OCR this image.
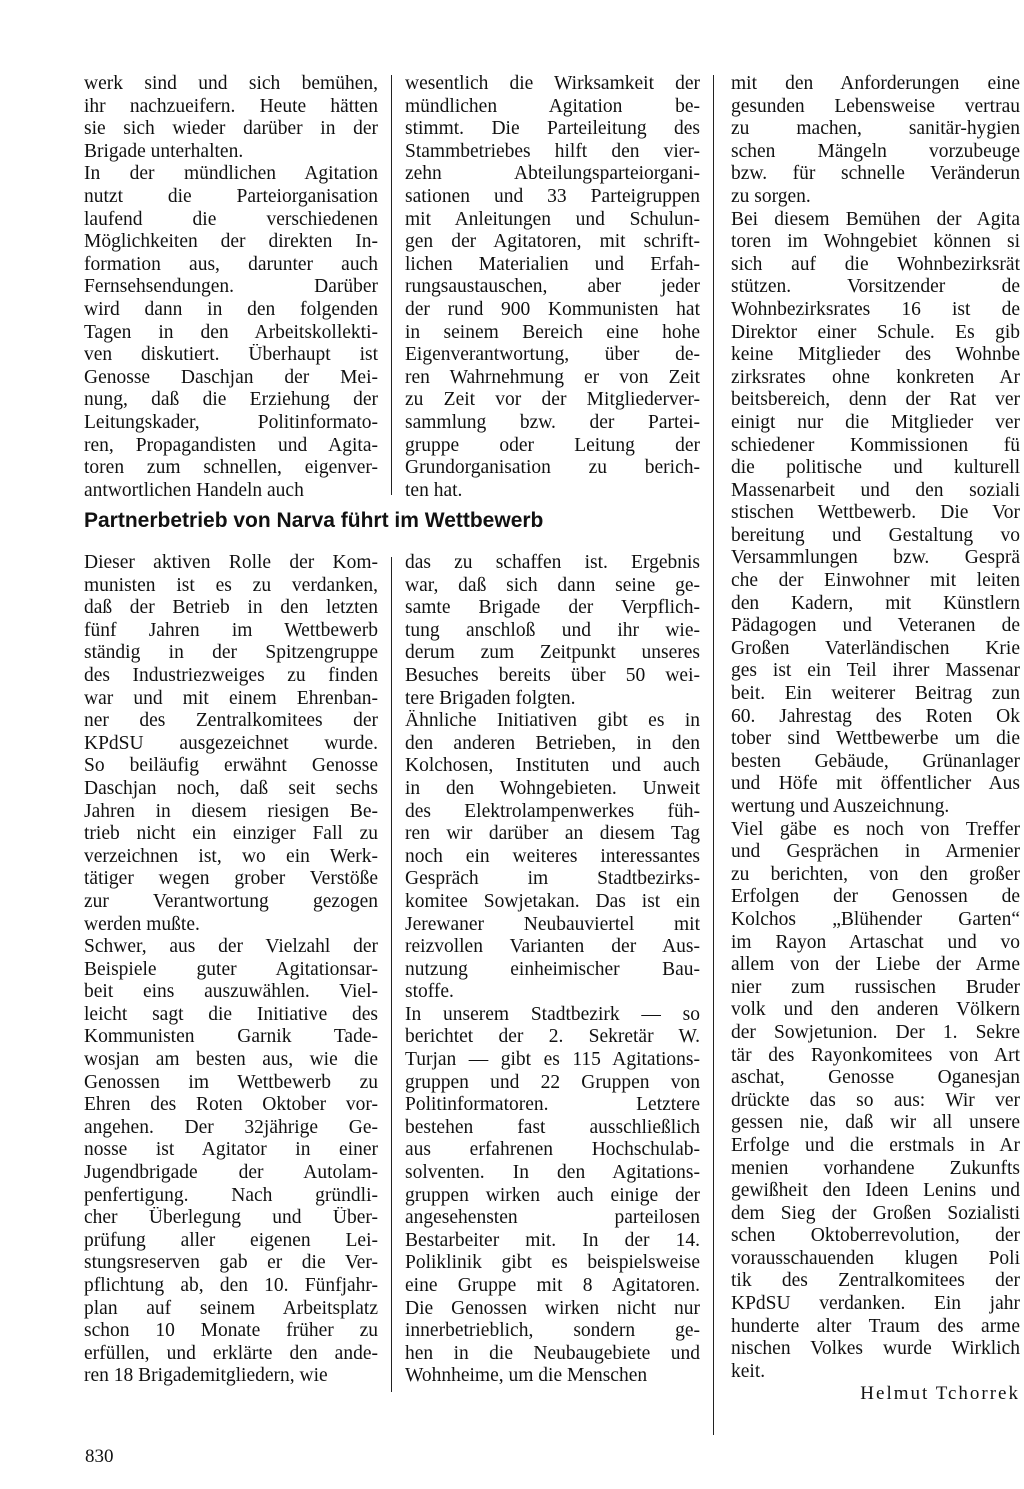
werk sind und sich bemühen,
ihr nachzueifern. Heute hätten
sie sich wieder darüber in der
Brigade unterhalten.
In der mündlichen Agitation
nutzt die Parteiorganisation
laufend die verschiedenen
Möglichkeiten der direkten In-
formation aus, darunter auch
Fernsehsendungen. Darüber
wird dann in den folgenden
Tagen in den Arbeitskollekti-
ven diskutiert. Überhaupt ist
Genosse Daschjan der Mei-
nung, daß die Erziehung der
Leitungskader, Politinformato-
ren, Propagandisten und Agita-
toren zum schnellen, eigenver-
antwortlichen Handeln auch
wesentlich die Wirksamkeit der
mündlichen Agitation be-
stimmt. Die Parteileitung des
Stammbetriebes hilft den vier-
zehn Abteilungsparteiorgani-
sationen und 33 Parteigruppen
mit Anleitungen und Schulun-
gen der Agitatoren, mit schrift-
lichen Materialien und Erfah-
rungsaustauschen, aber jeder
der rund 900 Kommunisten hat
in seinem Bereich eine hohe
Eigenverantwortung, über de-
ren Wahrnehmung er von Zeit
zu Zeit vor der Mitgliederver-
sammlung bzw. der Partei-
gruppe oder Leitung der
Grundorganisation zu berich-
ten hat.
Partnerbetrieb von Narva führt im Wettbewerb
Dieser aktiven Rolle der Kom-
munisten ist es zu verdanken,
daß der Betrieb in den letzten
fünf Jahren im Wettbewerb
ständig in der Spitzengruppe
des Industriezweiges zu finden
war und mit einem Ehrenban-
ner des Zentralkomitees der
KPdSU ausgezeichnet wurde.
So beiläufig erwähnt Genosse
Daschjan noch, daß seit sechs
Jahren in diesem riesigen Be-
trieb nicht ein einziger Fall zu
verzeichnen ist, wo ein Werk-
tätiger wegen grober Verstöße
zur Verantwortung gezogen
werden mußte.
Schwer, aus der Vielzahl der
Beispiele guter Agitationsar-
beit eins auszuwählen. Viel-
leicht sagt die Initiative des
Kommunisten Garnik Tade-
wosjan am besten aus, wie die
Genossen im Wettbewerb zu
Ehren des Roten Oktober vor-
angehen. Der 32jährige Ge-
nosse ist Agitator in einer
Jugendbrigade der Autolam-
penfertigung. Nach gründli-
cher Überlegung und Über-
prüfung aller eigenen Lei-
stungsreserven gab er die Ver-
pflichtung ab, den 10. Fünfjahr-
plan auf seinem Arbeitsplatz
schon 10 Monate früher zu
erfüllen, und erklärte den ande-
ren 18 Brigademitgliedern, wie
das zu schaffen ist. Ergebnis
war, daß sich dann seine ge-
samte Brigade der Verpflich-
tung anschloß und ihr wie-
derum zum Zeitpunkt unseres
Besuches bereits über 50 wei-
tere Brigaden folgten.
Ähnliche Initiativen gibt es in
den anderen Betrieben, in den
Kolchosen, Instituten und auch
in den Wohngebieten. Unweit
des Elektrolampenwerkes füh-
ren wir darüber an diesem Tag
noch ein weiteres interessantes
Gespräch im Stadtbezirks-
komitee Sowjetakan. Das ist ein
Jerewaner Neubauviertel mit
reizvollen Varianten der Aus-
nutzung einheimischer Bau-
stoffe.
In unserem Stadtbezirk — so
berichtet der 2. Sekretär W.
Turjan — gibt es 115 Agitations-
gruppen und 22 Gruppen von
Politinformatoren. Letztere
bestehen fast ausschließlich
aus erfahrenen Hochschulab-
solventen. In den Agitations-
gruppen wirken auch einige der
angesehensten parteilosen
Bestarbeiter mit. In der 14.
Poliklinik gibt es beispielsweise
eine Gruppe mit 8 Agitatoren.
Die Genossen wirken nicht nur
innerbetrieblich, sondern ge-
hen in die Neubaugebiete und
Wohnheime, um die Menschen
mit den Anforderungen eine
gesunden Lebensweise vertrau
zu machen, sanitär-hygien
schen Mängeln vorzubeuge
bzw. für schnelle Veränderun
zu sorgen.
Bei diesem Bemühen der Agita
toren im Wohngebiet können si
sich auf die Wohnbezirksrät
stützen. Vorsitzender de
Wohnbezirksrates 16 ist de
Direktor einer Schule. Es gib
keine Mitglieder des Wohnbe
zirksrates ohne konkreten Ar
beitsbereich, denn der Rat ver
einigt nur die Mitglieder ver
schiedener Kommissionen fü
die politische und kulturell
Massenarbeit und den soziali
stischen Wettbewerb. Die Vor
bereitung und Gestaltung vo
Versammlungen bzw. Gesprä
che der Einwohner mit leiten
den Kadern, mit Künstlern
Pädagogen und Veteranen de
Großen Vaterländischen Krie
ges ist ein Teil ihrer Massenar
beit. Ein weiterer Beitrag zun
60. Jahrestag des Roten Ok
tober sind Wettbewerbe um die
besten Gebäude, Grünanlager
und Höfe mit öffentlicher Aus
wertung und Auszeichnung.
Viel gäbe es noch von Treffer
und Gesprächen in Armenier
zu berichten, von den großer
Erfolgen der Genossen de
Kolchos „Blühender Garten“
im Rayon Artaschat und vo
allem von der Liebe der Arme
nier zum russischen Bruder
volk und den anderen Völkern
der Sowjetunion. Der 1. Sekre
tär des Rayonkomitees von Art
aschat, Genosse Oganesjan
drückte das so aus: Wir ver
gessen nie, daß wir all unsere
Erfolge und die erstmals in Ar
menien vorhandene Zukunfts
gewißheit den Ideen Lenins und
dem Sieg der Großen Sozialisti
schen Oktoberrevolution, der
vorausschauenden klugen Poli
tik des Zentralkomitees der
KPdSU verdanken. Ein jahr
hunderte alter Traum des arme
nischen Volkes wurde Wirklich
keit.
Helmut Tchorrek
830
